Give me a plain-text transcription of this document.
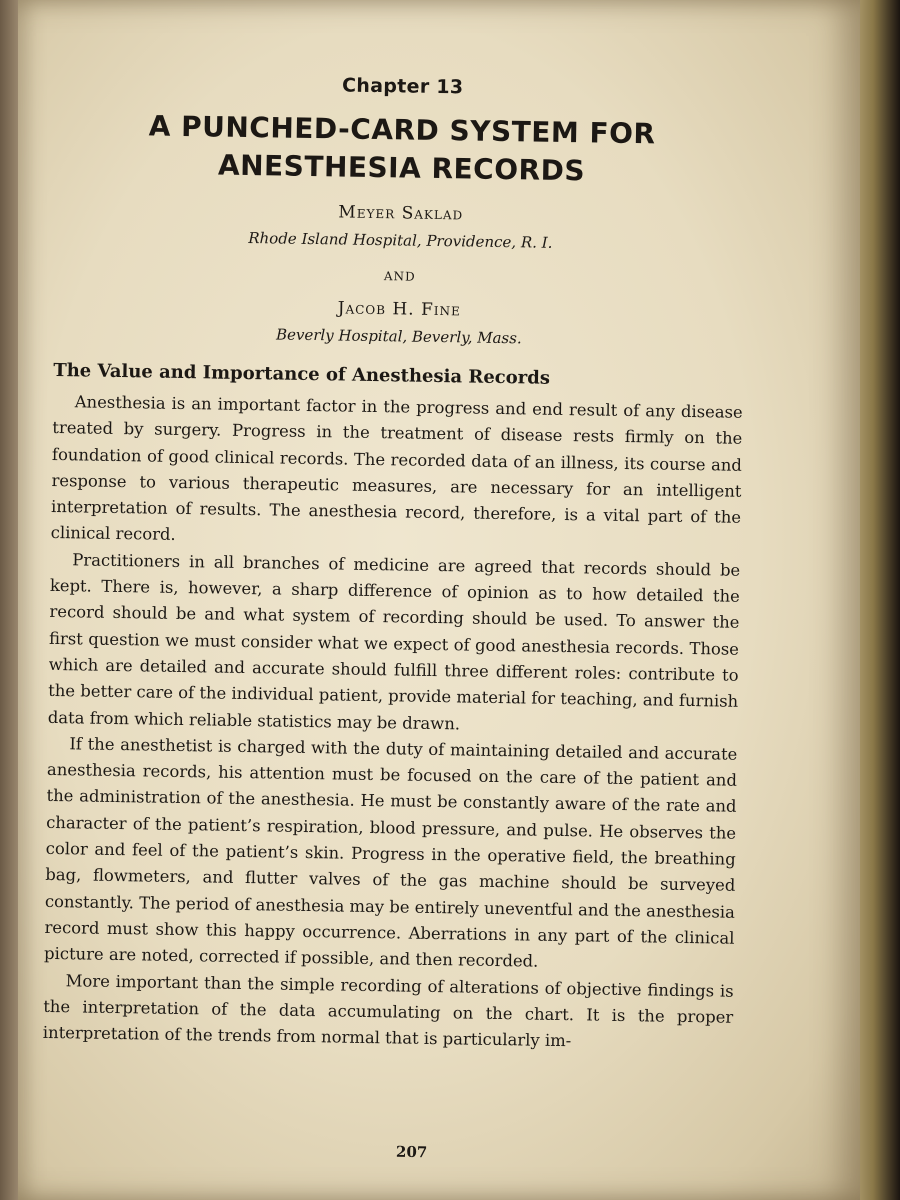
Chapter 13
A PUNCHED-CARD SYSTEM FOR
ANESTHESIA RECORDS
Meyer Saklad
Rhode Island Hospital, Providence, R. I.
AND
Jacob H. Fine
Beverly Hospital, Beverly, Mass.
The Value and Importance of Anesthesia Records

Anesthesia is an important factor in the progress and end result of any disease treated by surgery. Progress in the treatment of disease rests firmly on the foundation of good clinical records. The recorded data of an illness, its course and response to various therapeutic measures, are necessary for an intelligent interpretation of results. The anesthesia record, therefore, is a vital part of the clinical record.

Practitioners in all branches of medicine are agreed that records should be kept. There is, however, a sharp difference of opinion as to how detailed the record should be and what system of recording should be used. To answer the first question we must consider what we expect of good anesthesia records. Those which are detailed and accurate should fulfill three different roles: contribute to the better care of the individual patient, provide material for teaching, and furnish data from which reliable statistics may be drawn.

If the anesthetist is charged with the duty of maintaining detailed and accurate anesthesia records, his attention must be focused on the care of the patient and the administration of the anesthesia. He must be constantly aware of the rate and character of the patient’s respiration, blood pressure, and pulse. He observes the color and feel of the patient’s skin. Progress in the operative field, the breathing bag, flowmeters, and flutter valves of the gas machine should be surveyed constantly. The period of anesthesia may be entirely uneventful and the anesthesia record must show this happy occurrence. Aberrations in any part of the clinical picture are noted, corrected if possible, and then recorded.

More important than the simple recording of alterations of objective findings is the interpretation of the data accumulating on the chart. It is the proper interpretation of the trends from normal that is particularly im-

207
